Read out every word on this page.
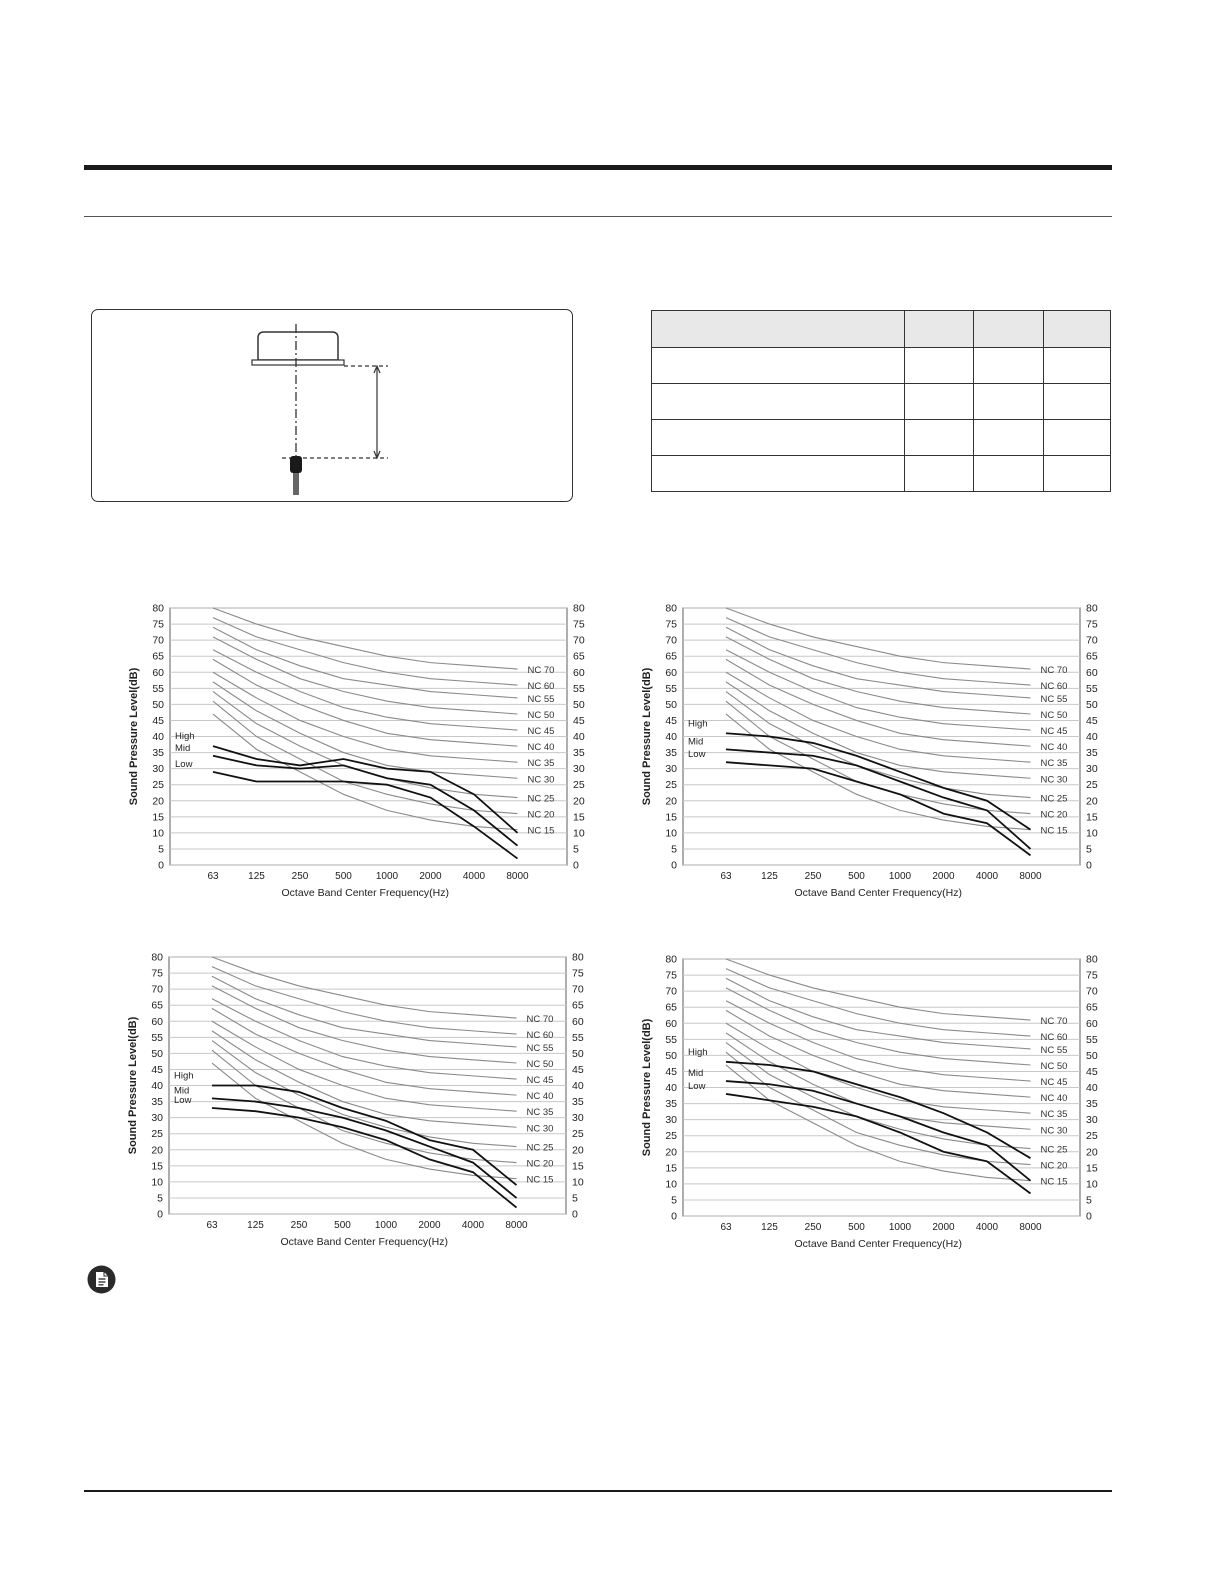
0	0
5	5
10	10
15	15
20	20
25	25
30	30
35	35
40	40
45	45
50	50
55	55
60	60
65	65
70	70
75	75
80	80
63	125	250	500 1000 2000 4000 8000
NC 70
NC 60
NC 55
NC 50
NC 45
NC 40
NC 35
NC 30
NC 25
NC 20
NC 15
High
Mid
Low
Sound Pressure Level(dB)
Octave Band Center Frequency(Hz)
0	0
5	5
10	10
15	15
20	20
25	25
30	30
35	35
40	40
45	45
50	50
55	55
60	60
65	65
70	70
75	75
80	80
63	125	250	500 1000 2000 4000 8000
NC 70
NC 60
NC 55
NC 50
NC 45
NC 40
NC 35
NC 30
NC 25
NC 20
NC 15
High
Mid
Low
Sound Pressure Level(dB)
Octave Band Center Frequency(Hz)
0	0
5	5
10	10
15	15
20	20
25	25
30	30
35	35
40	40
45	45
50	50
55	55
60	60
65	65
70	70
75	75
80	80
63	125	250	500 1000 2000 4000 8000
NC 70
NC 60
NC 55
NC 50
NC 45
NC 40
NC 35
NC 30
NC 25
NC 20
NC 15
High
Mid
Low
Sound Pressure Level(dB)
Octave Band Center Frequency(Hz)
0	0
5	5
10	10
15	15
20	20
25	25
30	30
35	35
40	40
45	45
50	50
55	55
60	60
65	65
70	70
75	75
80	80
63	125	250	500 1000 2000 4000 8000
NC 70
NC 60
NC 55
NC 50
NC 45
NC 40
NC 35
NC 30
NC 25
NC 20
NC 15
High
Mid
Low
Sound Pressure Level(dB)
Octave Band Center Frequency(Hz)
